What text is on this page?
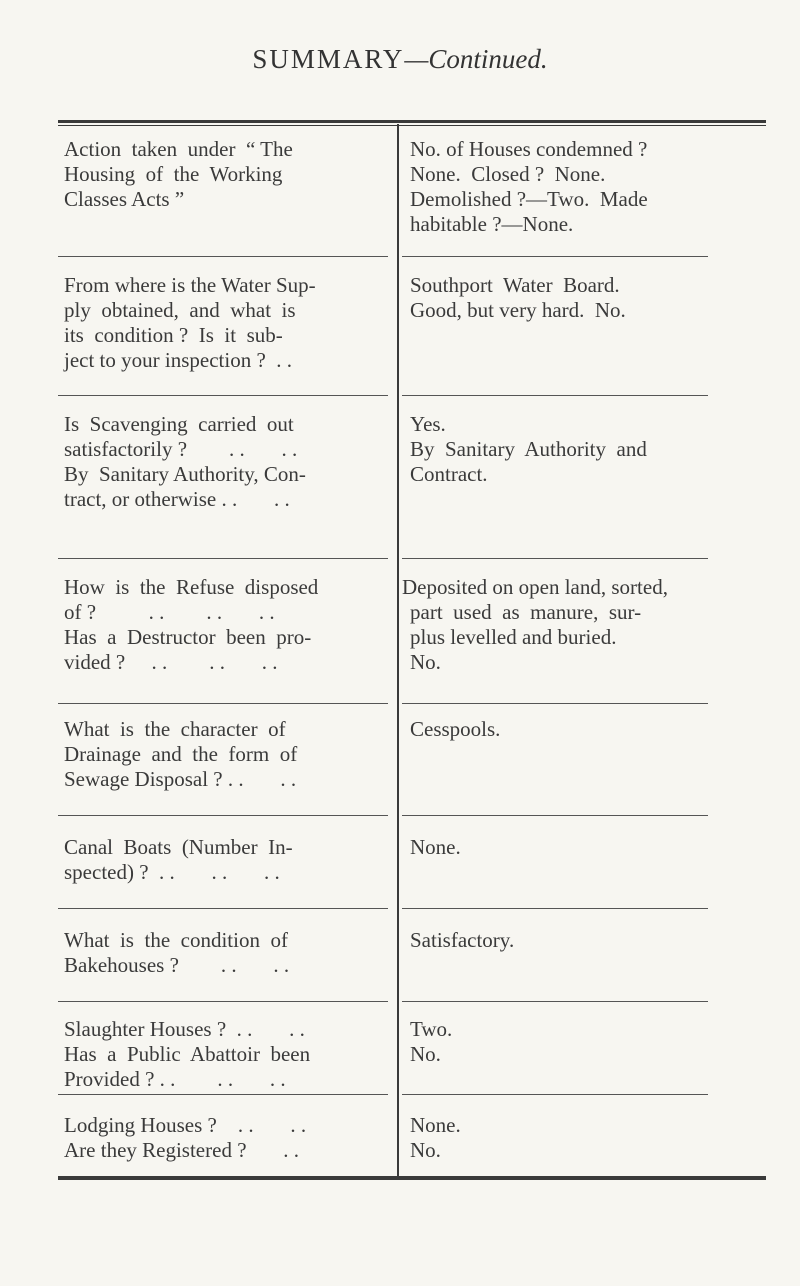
SUMMARY—Continued.
Action  taken  under  “ The
Housing  of  the  Working
Classes Acts ”
No. of Houses condemned ?
None.  Closed ?  None.
Demolished ?—Two.  Made
habitable ?—None.
From where is the Water Sup-
ply  obtained,  and  what  is
its  condition ?  Is  it  sub-
ject to your inspection ?  . .
Southport  Water  Board.
Good, but very hard.  No.
Is  Scavenging  carried  out
satisfactorily ?        . .       . .
By  Sanitary Authority, Con-
tract, or otherwise . .       . .
Yes.
By  Sanitary  Authority  and
Contract.
How  is  the  Refuse  disposed
of ?          . .        . .       . .
Has  a  Destructor  been  pro-
vided ?     . .        . .       . .
Deposited on open land, sorted,
part  used  as  manure,  sur-
plus levelled and buried.
No.
What  is  the  character  of
Drainage  and  the  form  of
Sewage Disposal ? . .       . .
Cesspools.
Canal  Boats  (Number  In-
spected) ?  . .       . .       . .
None.
What  is  the  condition  of
Bakehouses ?        . .       . .
Satisfactory.
Slaughter Houses ?  . .       . .
Has  a  Public  Abattoir  been
Provided ? . .        . .       . .
Two.
No.
Lodging Houses ?    . .       . .
Are they Registered ?       . .
None.
No.
